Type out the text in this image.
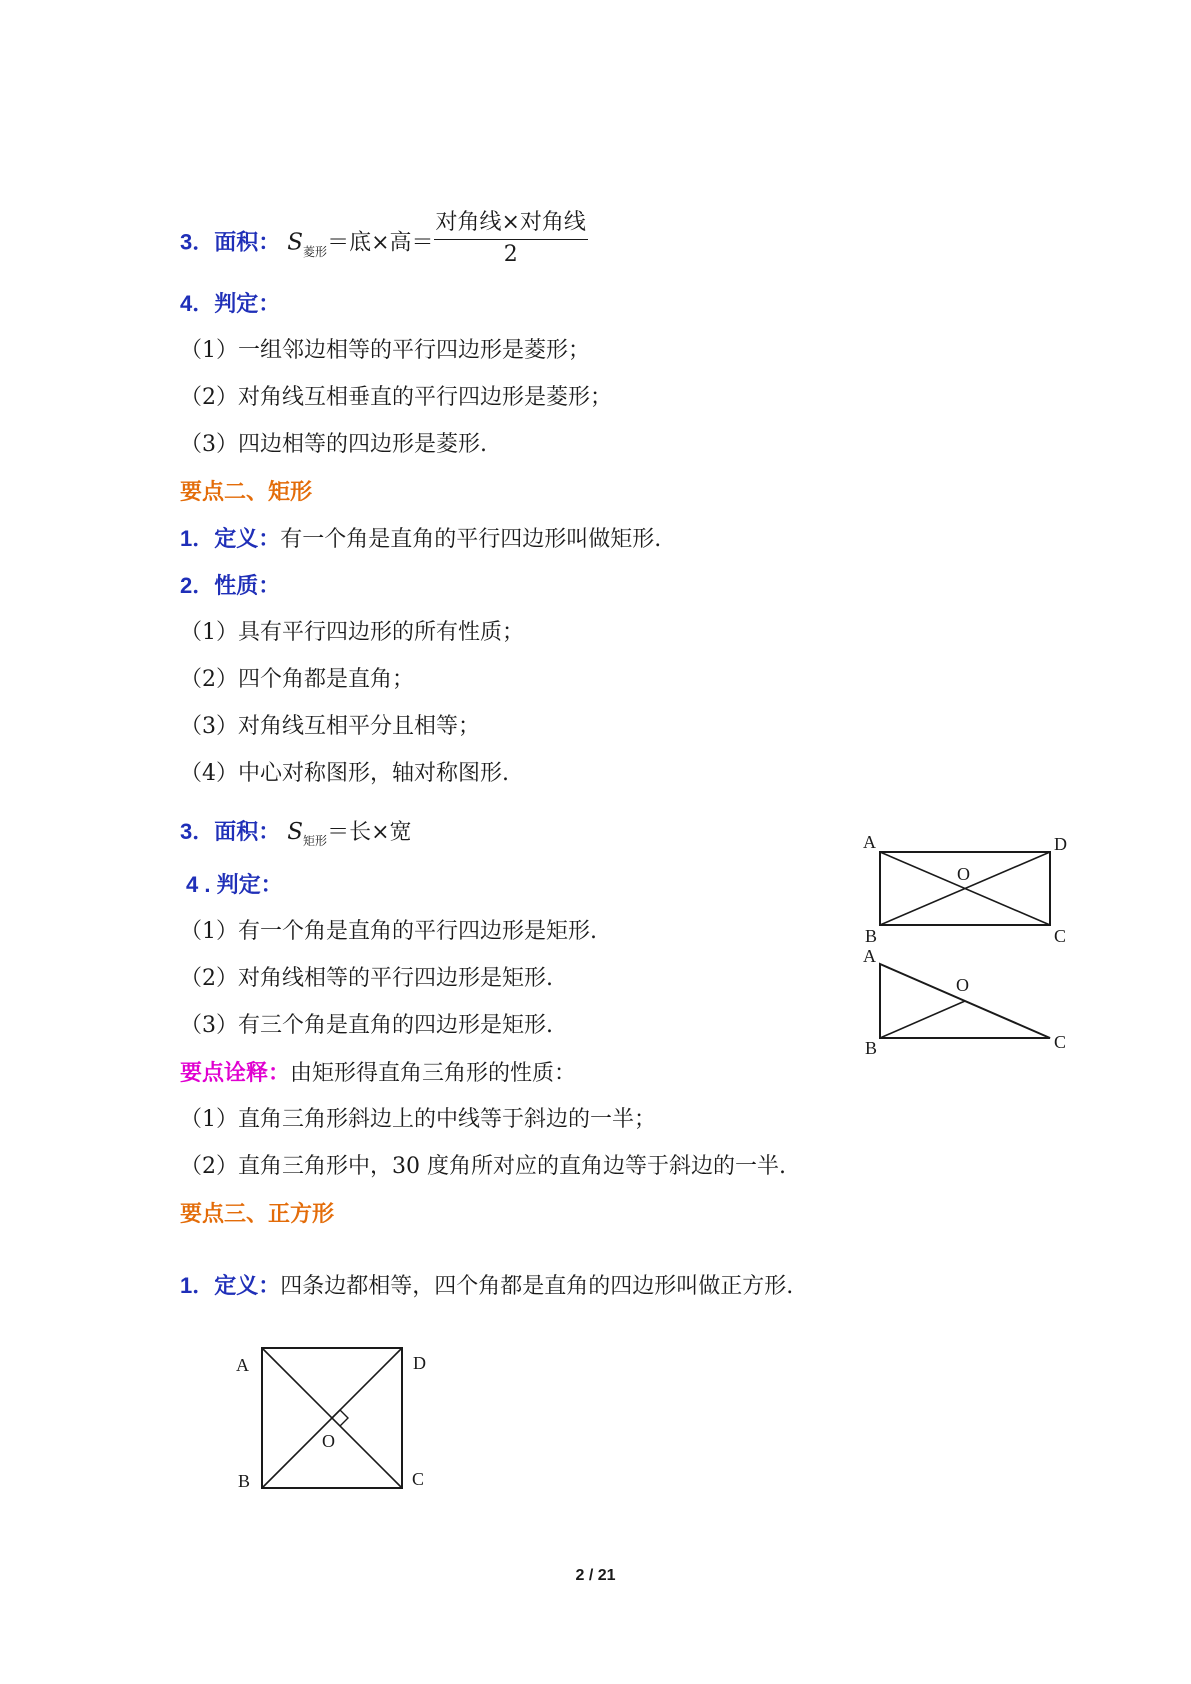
3．面积： $S_{菱形}=$底×高＝ $\frac{\text{对角线×对角线}}{2}$
4．判定：
（1）一组邻边相等的平行四边形是菱形；
（2）对角线互相垂直的平行四边形是菱形；
（3）四边相等的四边形是菱形.
要点二、矩形
1．定义：有一个角是直角的平行四边形叫做矩形.
2．性质：
（1）具有平行四边形的所有性质；
（2）四个角都是直角；
（3）对角线互相平分且相等；
（4）中心对称图形，轴对称图形.
3．面积： $S_{矩形}=$长×宽
4 . 判定：
（1）有一个角是直角的平行四边形是矩形.
（2）对角线相等的平行四边形是矩形.
（3）有三个角是直角的四边形是矩形.
要点诠释：由矩形得直角三角形的性质：
（1）直角三角形斜边上的中线等于斜边的一半；
（2）直角三角形中，30 度角所对应的直角边等于斜边的一半.
要点三、正方形
1．定义：四条边都相等，四个角都是直角的四边形叫做正方形.
A	D
O
B	C
A
O
B	C
A	D
O
B	C
2 / 21
